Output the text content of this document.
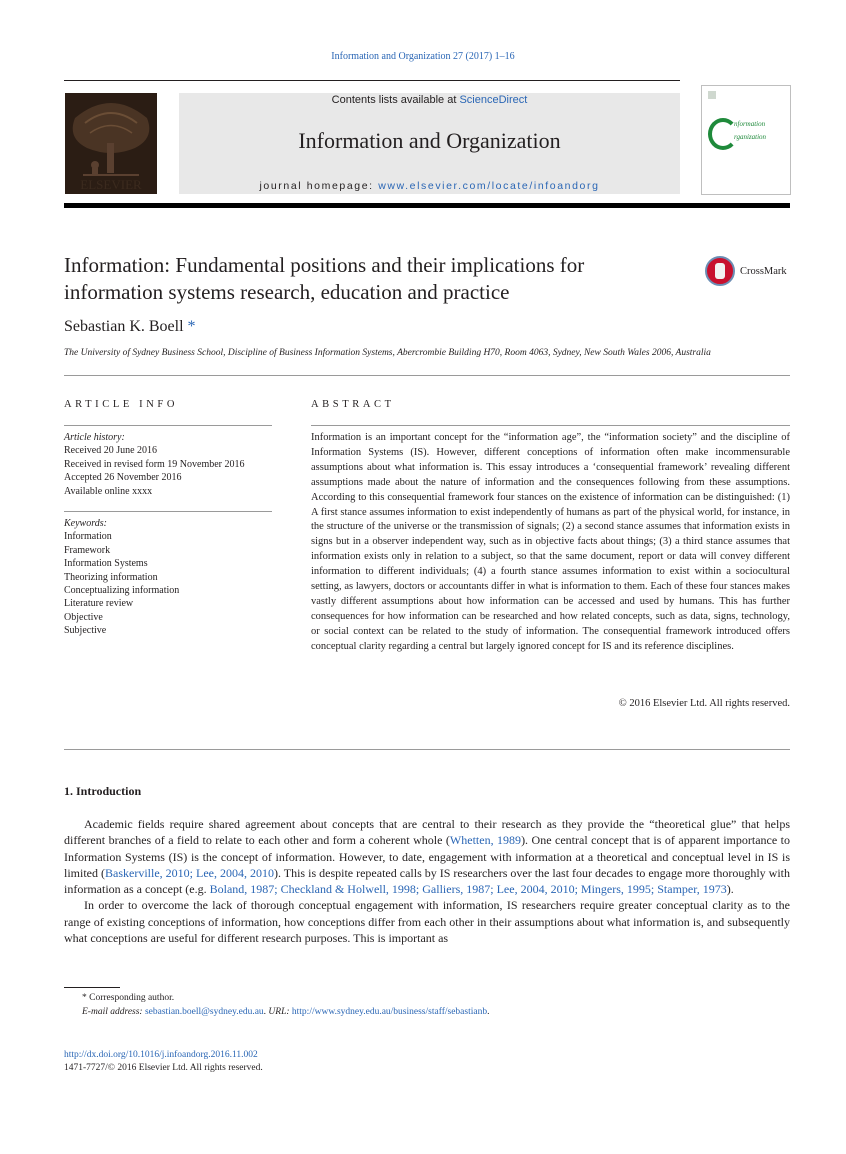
Information and Organization 27 (2017) 1–16
ELSEVIER
Contents lists available at ScienceDirect
Information and Organization
journal homepage: www.elsevier.com/locate/infoandorg
nformation
rganization
Information: Fundamental positions and their implications for information systems research, education and practice
CrossMark
Sebastian K. Boell *
The University of Sydney Business School, Discipline of Business Information Systems, Abercrombie Building H70, Room 4063, Sydney, New South Wales 2006, Australia
ARTICLE INFO	ABSTRACT
Article history:
Received 20 June 2016
Received in revised form 19 November 2016
Accepted 26 November 2016
Available online xxxx
Keywords:
Information
Framework
Information Systems
Theorizing information
Conceptualizing information
Literature review
Objective
Subjective
Information is an important concept for the “information age”, the “information society” and the discipline of Information Systems (IS). However, different conceptions of information often make incommensurable assumptions about what information is. This essay introduces a ‘consequential framework’ revealing different assumptions made about the nature of information and the consequences following from these assumptions. According to this consequential framework four stances on the existence of information can be distinguished: (1) A first stance assumes information to exist independently of humans as part of the physical world, for instance, in the structure of the universe or the transmission of signals; (2) a second stance assumes that information exists in signs but in a observer independent way, such as in objective facts about things; (3) a third stance assumes that information exists only in relation to a subject, so that the same document, report or data will convey different information to different individuals; (4) a fourth stance assumes information to exist within a sociocultural setting, as lawyers, doctors or accountants differ in what is information to them. Each of these four stances makes vastly different assumptions about how information can be accessed and used by humans. This has further consequences for how information can be researched and how related concepts, such as data, signs, technology, or social context can be related to the study of information. The consequential framework introduced offers conceptual clarity regarding a central but largely ignored concept for IS and its reference disciplines.
© 2016 Elsevier Ltd. All rights reserved.
1. Introduction

Academic fields require shared agreement about concepts that are central to their research as they provide the “theoretical glue” that helps different branches of a field to relate to each other and form a coherent whole (Whetten, 1989). One central concept that is of apparent importance to Information Systems (IS) is the concept of information. However, to date, engagement with information at a theoretical and conceptual level in IS is limited (Baskerville, 2010; Lee, 2004, 2010). This is despite repeated calls by IS researchers over the last four decades to engage more thoroughly with information as a concept (e.g. Boland, 1987; Checkland & Holwell, 1998; Galliers, 1987; Lee, 2004, 2010; Mingers, 1995; Stamper, 1973).

In order to overcome the lack of thorough conceptual engagement with information, IS researchers require greater conceptual clarity as to the range of existing conceptions of information, how conceptions differ from each other in their assumptions about what information is, and subsequently what conceptions are useful for different research purposes. This is important as

* Corresponding author.
E-mail address: sebastian.boell@sydney.edu.au. URL: http://www.sydney.edu.au/business/staff/sebastianb.
http://dx.doi.org/10.1016/j.infoandorg.2016.11.002
1471-7727/© 2016 Elsevier Ltd. All rights reserved.
